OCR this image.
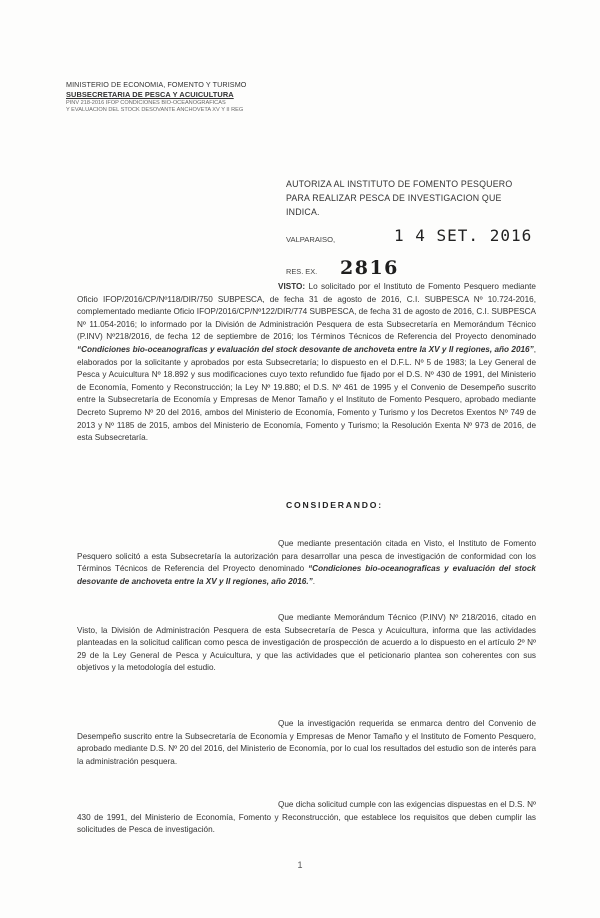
MINISTERIO DE ECONOMIA, FOMENTO Y TURISMO
SUBSECRETARIA DE PESCA Y ACUICULTURA
PINV 218-2016 IFOP CONDICIONES BIO-OCEANOGRAFICAS
Y EVALUACION DEL STOCK DESOVANTE ANCHOVETA XV Y II REG
AUTORIZA AL INSTITUTO DE FOMENTO PESQUERO PARA REALIZAR PESCA DE INVESTIGACION QUE INDICA.
VALPARAISO,	1 4 SET. 2016
RES. EX. 2816
VISTO: Lo solicitado por el Instituto de Fomento Pesquero mediante Oficio IFOP/2016/CP/Nº118/DIR/750 SUBPESCA, de fecha 31 de agosto de 2016, C.I. SUBPESCA Nº 10.724-2016, complementado mediante Oficio IFOP/2016/CP/Nº122/DIR/774 SUBPESCA, de fecha 31 de agosto de 2016, C.I. SUBPESCA Nº 11.054-2016; lo informado por la División de Administración Pesquera de esta Subsecretaría en Memorándum Técnico (P.INV) Nº218/2016, de fecha 12 de septiembre de 2016; los Términos Técnicos de Referencia del Proyecto denominado “Condiciones bio-oceanograficas y evaluación del stock desovante de anchoveta entre la XV y II regiones, año 2016”, elaborados por la solicitante y aprobados por esta Subsecretaría; lo dispuesto en el D.F.L. Nº 5 de 1983; la Ley General de Pesca y Acuicultura Nº 18.892 y sus modificaciones cuyo texto refundido fue fijado por el D.S. Nº 430 de 1991, del Ministerio de Economía, Fomento y Reconstrucción; la Ley Nº 19.880; el D.S. Nº 461 de 1995 y el Convenio de Desempeño suscrito entre la Subsecretaría de Economía y Empresas de Menor Tamaño y el Instituto de Fomento Pesquero, aprobado mediante Decreto Supremo Nº 20 del 2016, ambos del Ministerio de Economía, Fomento y Turismo y los Decretos Exentos Nº 749 de 2013 y Nº 1185 de 2015, ambos del Ministerio de Economía, Fomento y Turismo; la Resolución Exenta Nº 973 de 2016, de esta Subsecretaría.
CONSIDERANDO:
Que mediante presentación citada en Visto, el Instituto de Fomento Pesquero solicitó a esta Subsecretaría la autorización para desarrollar una pesca de investigación de conformidad con los Términos Técnicos de Referencia del Proyecto denominado “Condiciones bio-oceanograficas y evaluación del stock desovante de anchoveta entre la XV y II regiones, año 2016.”.
Que mediante Memorándum Técnico (P.INV) Nº 218/2016, citado en Visto, la División de Administración Pesquera de esta Subsecretaría de Pesca y Acuicultura, informa que las actividades planteadas en la solicitud califican como pesca de investigación de prospección de acuerdo a lo dispuesto en el artículo 2º Nº 29 de la Ley General de Pesca y Acuicultura, y que las actividades que el peticionario plantea son coherentes con sus objetivos y la metodología del estudio.
Que la investigación requerida se enmarca dentro del Convenio de Desempeño suscrito entre la Subsecretaría de Economía y Empresas de Menor Tamaño y el Instituto de Fomento Pesquero, aprobado mediante D.S. Nº 20 del 2016, del Ministerio de Economía, por lo cual los resultados del estudio son de interés para la administración pesquera.
Que dicha solicitud cumple con las exigencias dispuestas en el D.S. Nº 430 de 1991, del Ministerio de Economía, Fomento y Reconstrucción, que establece los requisitos que deben cumplir las solicitudes de Pesca de investigación.
1
